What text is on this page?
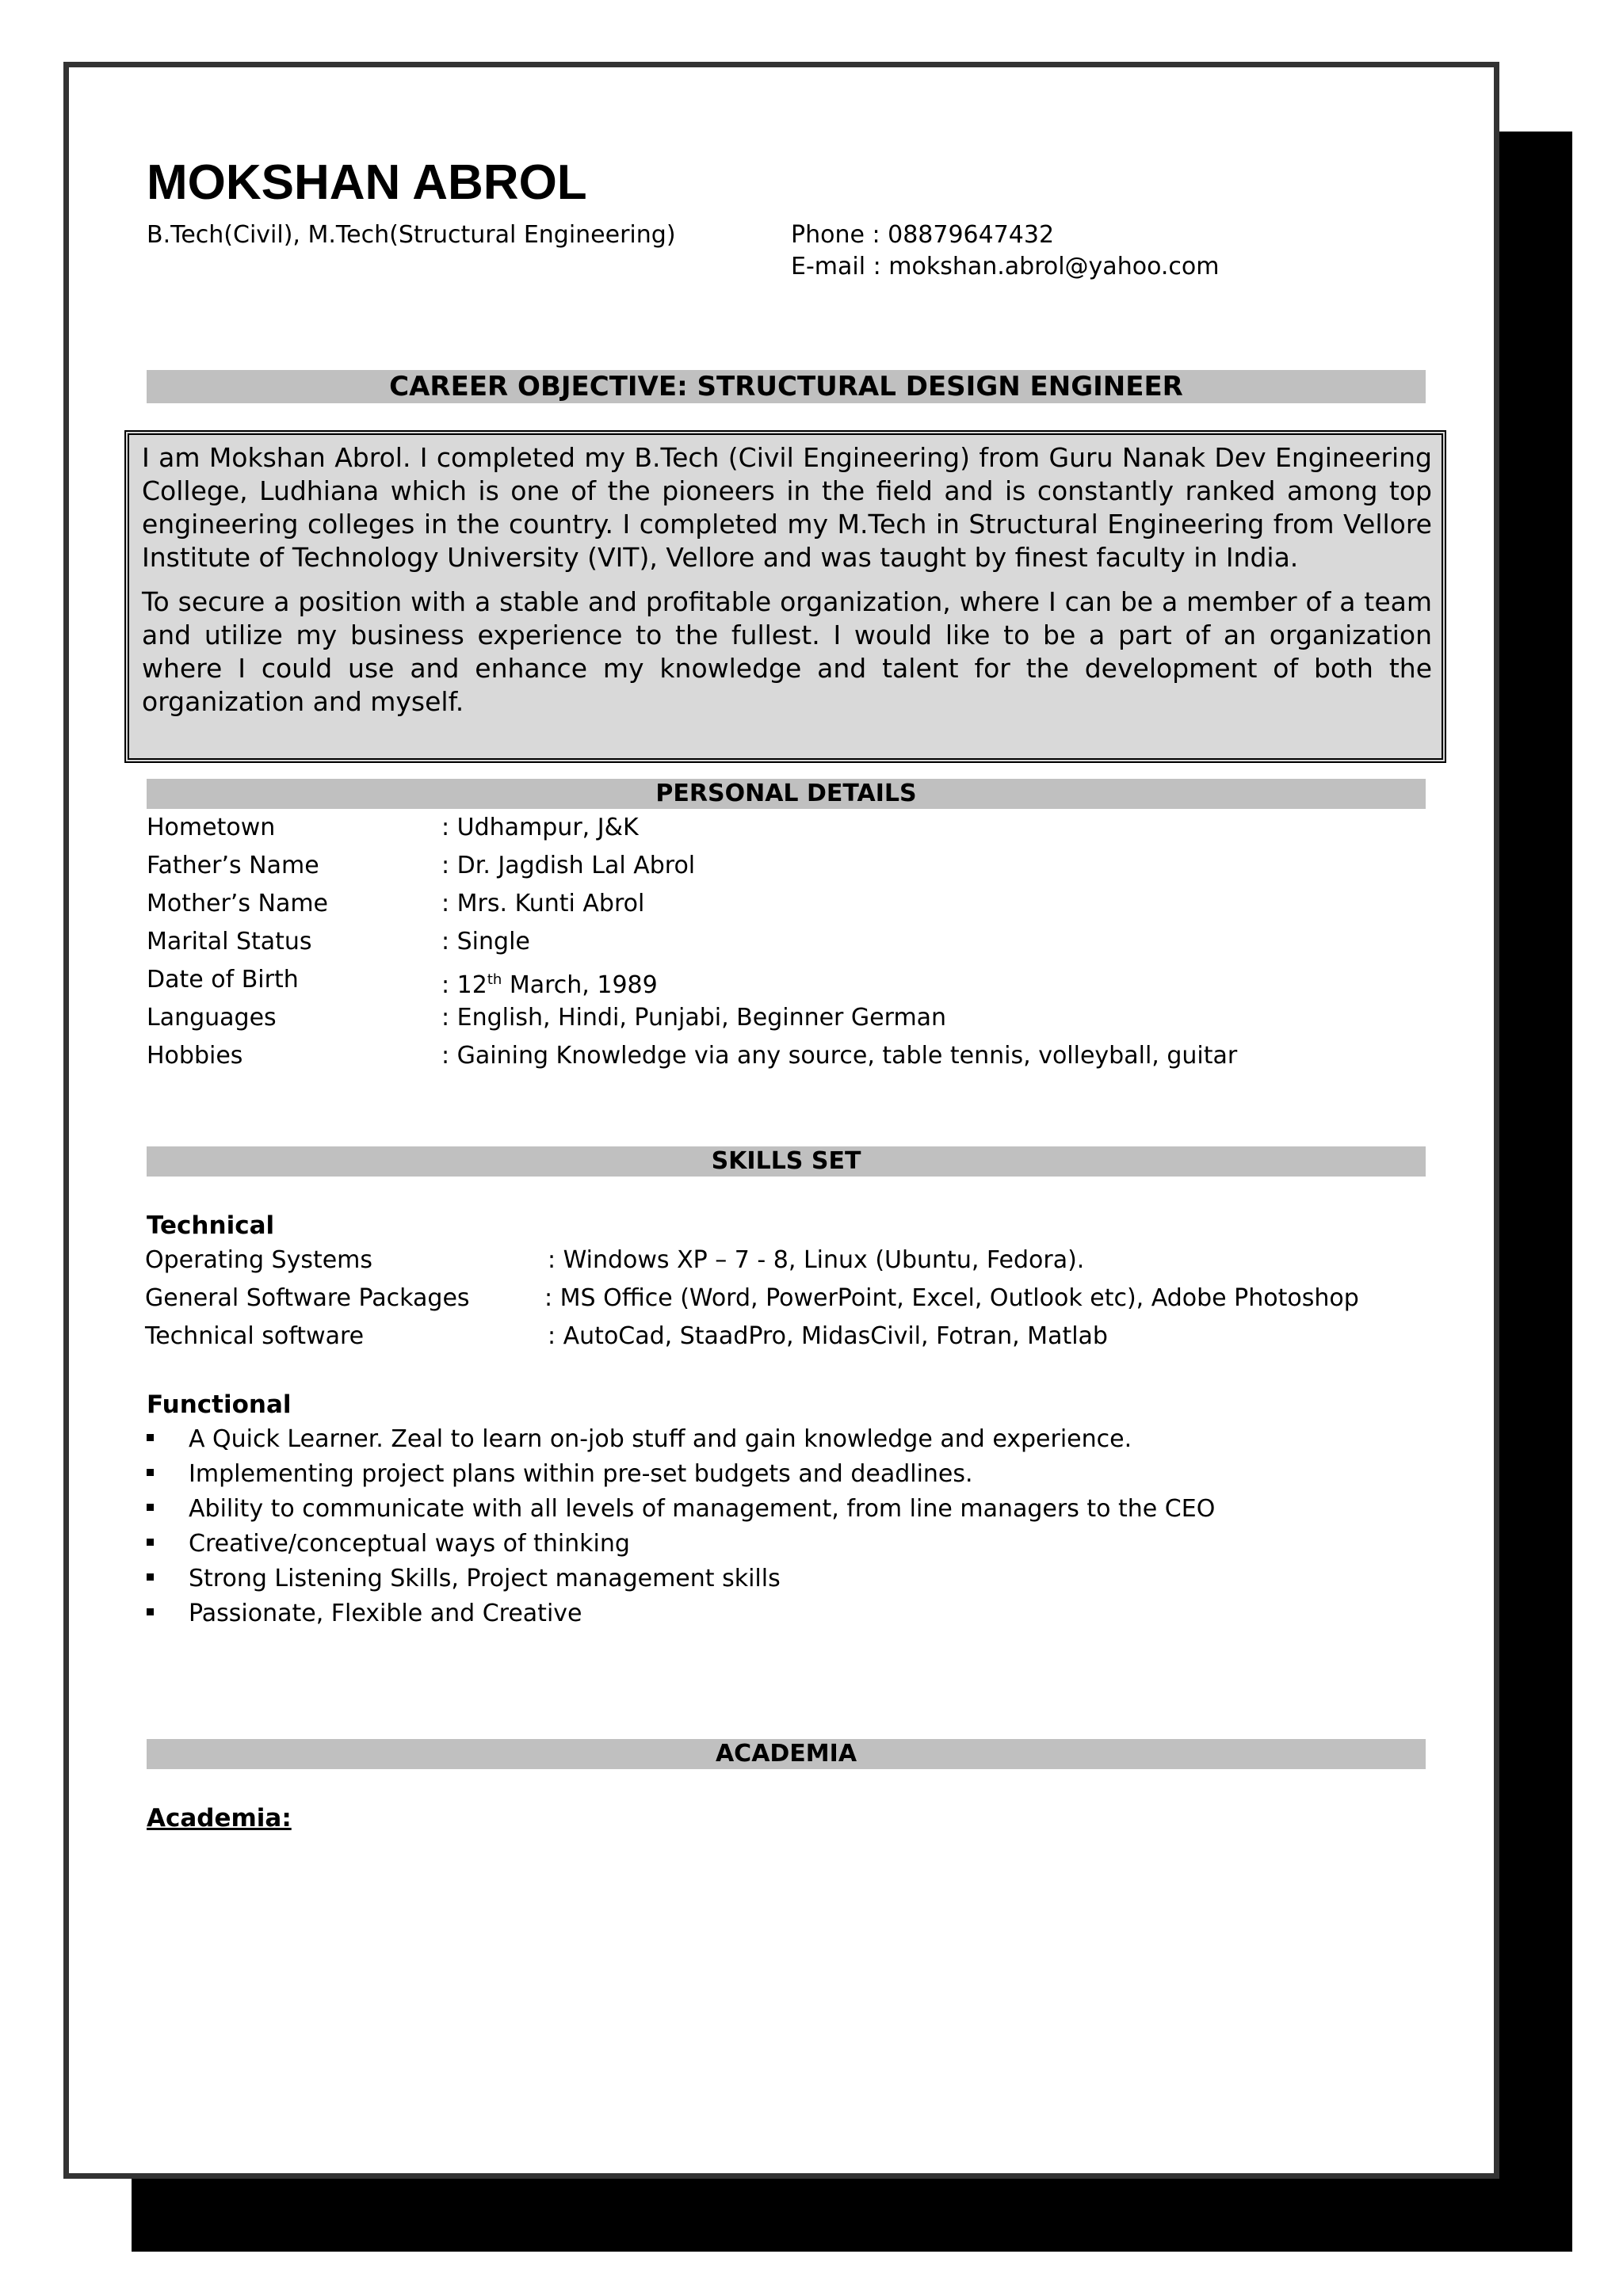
MOKSHAN ABROL
B.Tech(Civil), M.Tech(Structural Engineering)	Phone : 08879647432
E-mail : mokshan.abrol@yahoo.com
CAREER OBJECTIVE: STRUCTURAL DESIGN ENGINEER

I am Mokshan Abrol. I completed my B.Tech (Civil Engineering) from Guru Nanak Dev Engineering College, Ludhiana which is one of the pioneers in the field and is constantly ranked among top engineering colleges in the country. I completed my M.Tech in Structural Engineering from Vellore Institute of Technology University (VIT), Vellore and was taught by finest faculty in India.

To secure a position with a stable and profitable organization, where I can be a member of a team and utilize my business experience to the fullest. I would like to be a part of an organization where I could use and enhance my knowledge and talent for the development of both the organization and myself.

PERSONAL DETAILS
Hometown	: Udhampur, J&K
Father’s Name	: Dr. Jagdish Lal Abrol
Mother’s Name	: Mrs. Kunti Abrol
Marital Status	: Single
Date of Birth	: 12th March, 1989
Languages	: English, Hindi, Punjabi, Beginner German
Hobbies	: Gaining Knowledge via any source, table tennis, volleyball, guitar
SKILLS SET
Technical
Operating Systems	: Windows XP – 7 - 8, Linux (Ubuntu, Fedora).
General Software Packages	: MS Office (Word, PowerPoint, Excel, Outlook etc), Adobe Photoshop
Technical software	: AutoCad, StaadPro, MidasCivil, Fotran, Matlab
Functional
A Quick Learner. Zeal to learn on-job stuff and gain knowledge and experience.
Implementing project plans within pre-set budgets and deadlines.
Ability to communicate with all levels of management, from line managers to the CEO
Creative/conceptual ways of thinking
Strong Listening Skills, Project management skills
Passionate, Flexible and Creative
ACADEMIA
Academia:
